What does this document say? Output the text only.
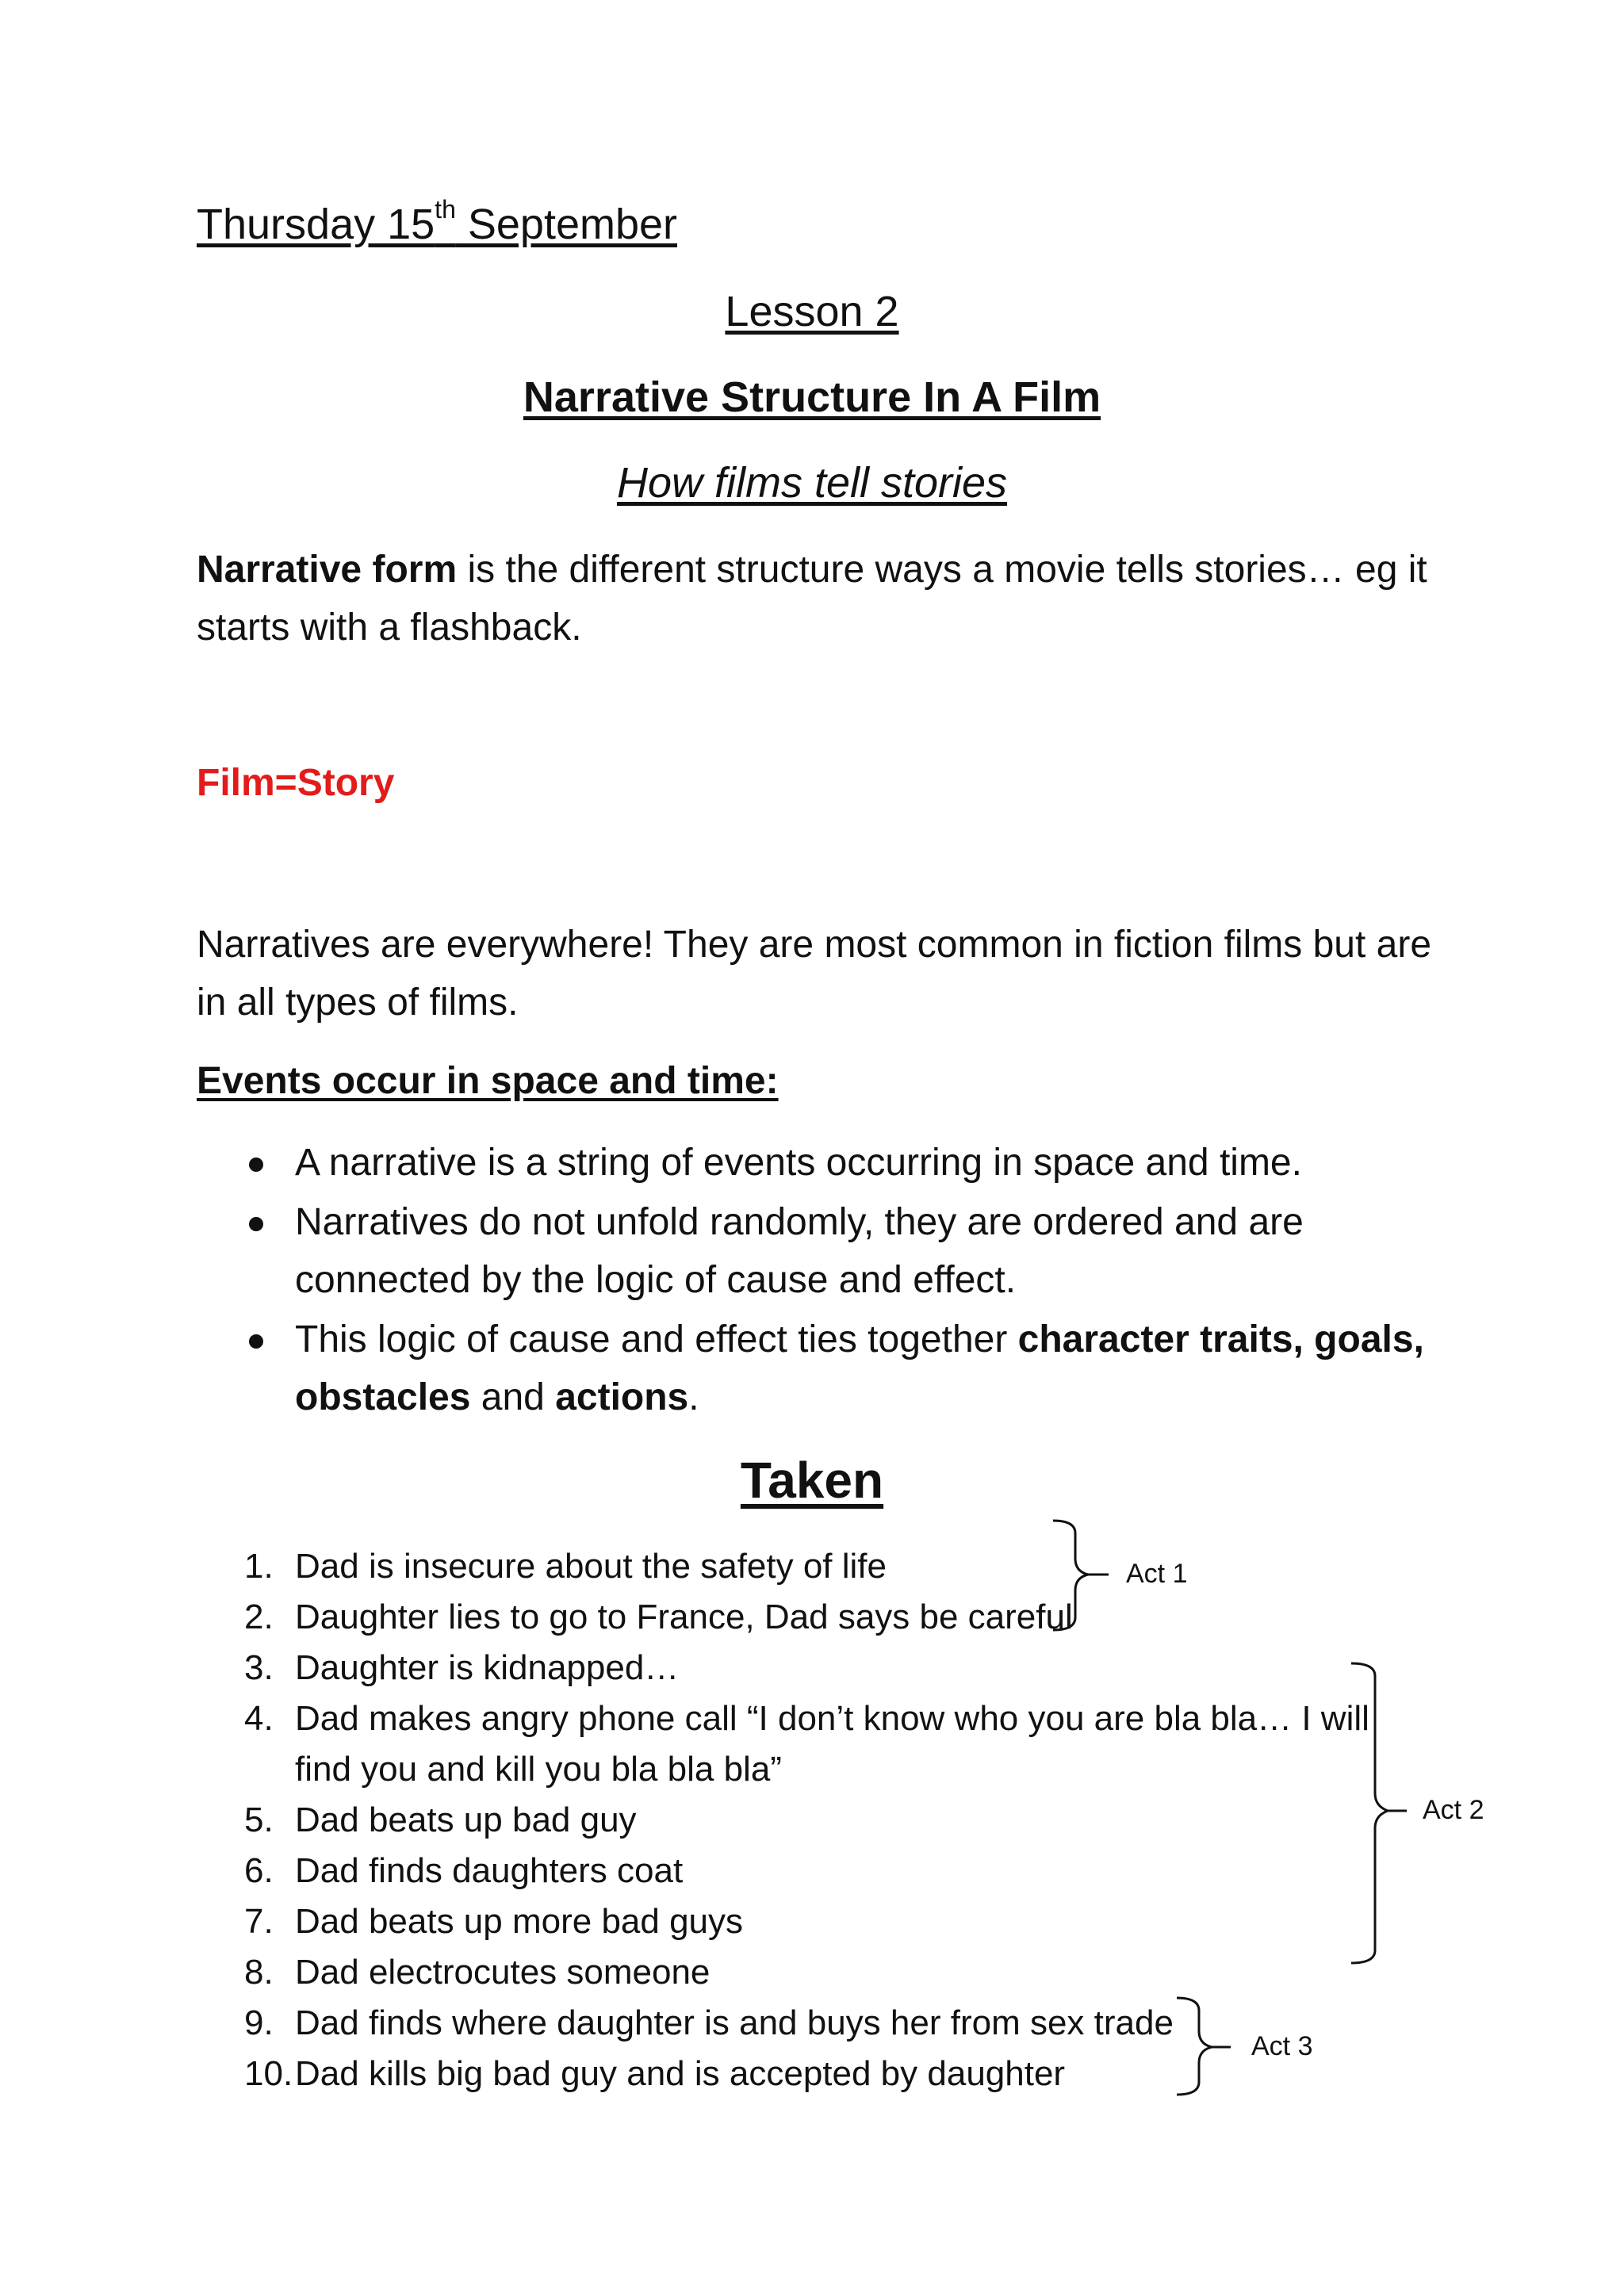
Thursday 15th September
Lesson 2
Narrative Structure In A Film
How films tell stories
Narrative form is the different structure ways a movie tells stories… eg it starts with a flashback.
Film=Story
Narratives are everywhere! They are most common in fiction films but are in all types of films.
Events occur in space and time:
A narrative is a string of events occurring in space and time.
Narratives do not unfold randomly, they are ordered and are connected by the logic of cause and effect.
This logic of cause and effect ties together character traits, goals, obstacles and actions.
Taken
1. Dad is insecure about the safety of life
2. Daughter lies to go to France, Dad says be careful
3. Daughter is kidnapped…
4. Dad makes angry phone call “I don’t know who you are bla bla… I will find you and kill you bla bla bla”
5. Dad beats up bad guy
6. Dad finds daughters coat
7. Dad beats up more bad guys
8. Dad electrocutes someone
9. Dad finds where daughter is and buys her from sex trade
10. Dad kills big bad guy and is accepted by daughter
Act 1
Act 2
Act 3
